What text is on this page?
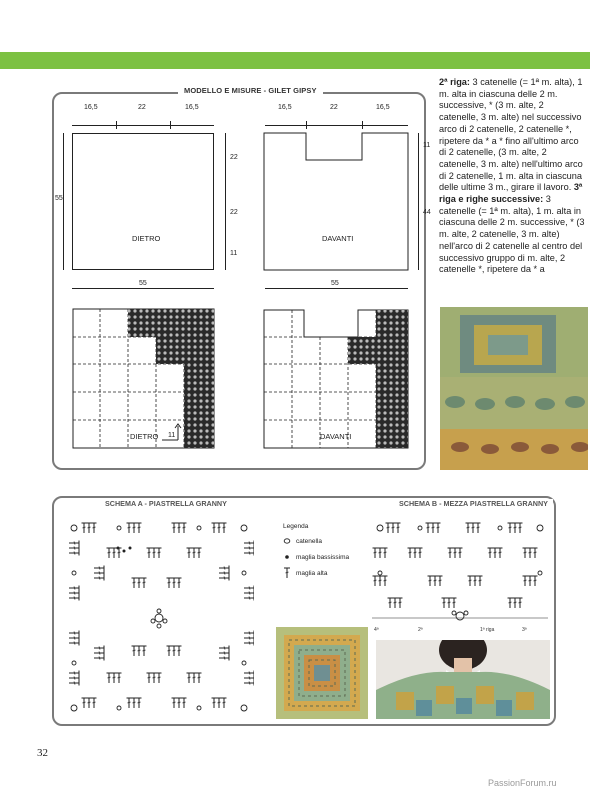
MODELLO E MISURE - GILET GIPSY
16,5	22	16,5
DIETRO
55
22
22
11
55
16,5	22	16,5
DAVANTI
11
44
55
DIETRO 11	DAVANTI
2ª riga: 3 catenelle (= 1ª m. alta), 1 m. alta in ciascuna delle 2 m. successive, * (3 m. alte, 2 catenelle, 3 m. alte) nel successivo arco di 2 catenelle, 2 catenelle *, ripetere da * a * fino all'ultimo arco di 2 catenelle, (3 m. alte, 2 catenelle, 3 m. alte) nell'ultimo arco di 2 catenelle, 1 m. alta in ciascuna delle ultime 3 m., girare il lavoro. 3ª riga e righe successive: 3 catenelle (= 1ª m. alta), 1 m. alta in ciascuna delle 2 m. successive, * (3 m. alte, 2 catenelle, 3 m. alte) nell'arco di 2 catenelle al centro del successivo gruppo di m. alte, 2 catenelle *, ripetere da * a
SCHEMA A - PIASTRELLA GRANNY	SCHEMA B - MEZZA PIASTRELLA GRANNY
Legenda
catenella
maglia bassissima
maglia alta
4ª	2ª	1ª riga	3ª
32
PassionForum.ru
